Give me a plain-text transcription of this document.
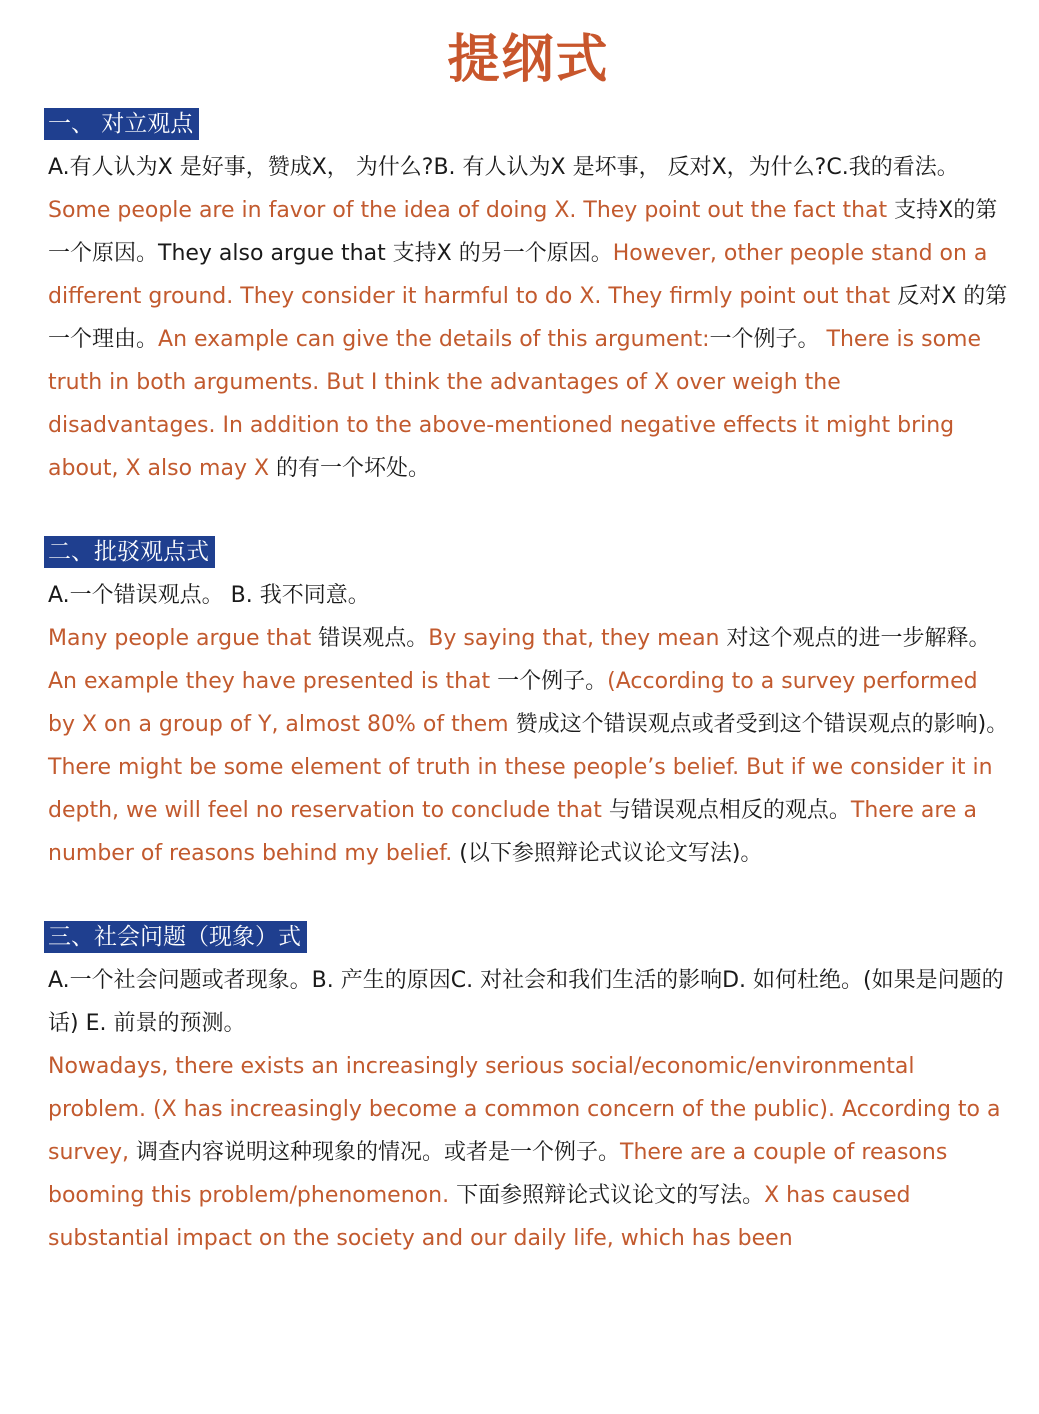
提纲式
一、 对立观点

A.有人认为X 是好事，赞成X， 为什么?B. 有人认为X 是坏事， 反对X，为什么?C.我的看法。

Some people are in favor of the idea of doing X. They point out the fact that 支持X的第一个原因。They also argue that 支持X 的另一个原因。However, other people stand on a different ground. They consider it harmful to do X. They firmly point out that 反对X 的第一个理由。An example can give the details of this argument:一个例子。 There is some truth in both arguments. But I think the advantages of X over weigh the disadvantages. In addition to the above-mentioned negative effects it might bring about, X also may X 的有一个坏处。

二、批驳观点式

A.一个错误观点。 B. 我不同意。

Many people argue that 错误观点。By saying that, they mean 对这个观点的进一步解释。An example they have presented is that 一个例子。(According to a survey performed by X on a group of Y, almost 80% of them 赞成这个错误观点或者受到这个错误观点的影响)。There might be some element of truth in these people’s belief. But if we consider it in depth, we will feel no reservation to conclude that 与错误观点相反的观点。There are a number of reasons behind my belief. (以下参照辩论式议论文写法)。

三、社会问题（现象）式

A.一个社会问题或者现象。B. 产生的原因C. 对社会和我们生活的影响D. 如何杜绝。(如果是问题的话) E. 前景的预测。

Nowadays, there exists an increasingly serious social/economic/environmental problem. (X has increasingly become a common concern of the public). According to a survey, 调查内容说明这种现象的情况。或者是一个例子。There are a couple of reasons booming this problem/phenomenon. 下面参照辩论式议论文的写法。X has caused substantial impact on the society and our daily life, which has been
